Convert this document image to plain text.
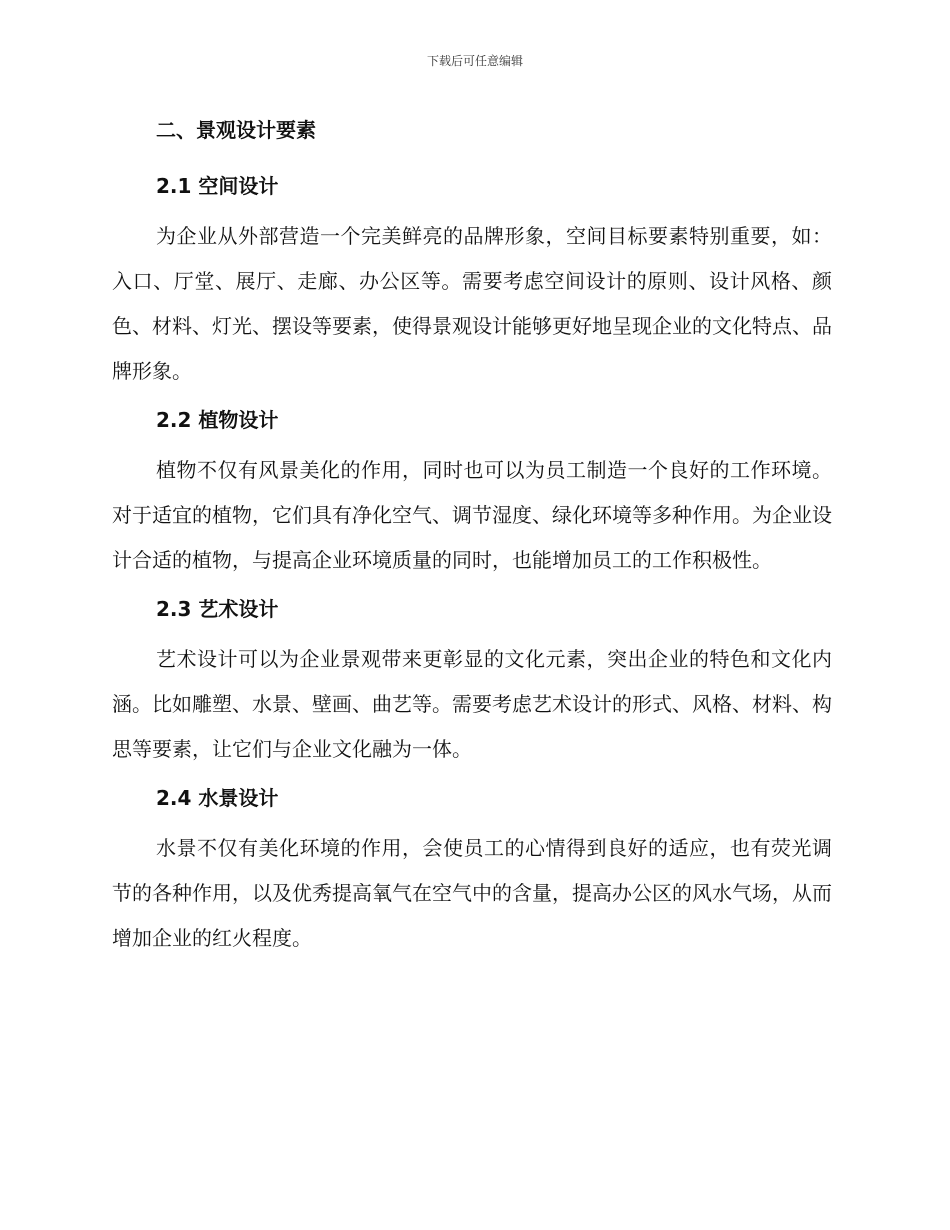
下载后可任意编辑
二、景观设计要素
2.1 空间设计

为企业从外部营造一个完美鲜亮的品牌形象，空间目标要素特别重要，如：入口、厅堂、展厅、走廊、办公区等。需要考虑空间设计的原则、设计风格、颜色、材料、灯光、摆设等要素，使得景观设计能够更好地呈现企业的文化特点、品牌形象。

2.2 植物设计

植物不仅有风景美化的作用，同时也可以为员工制造一个良好的工作环境。对于适宜的植物，它们具有净化空气、调节湿度、绿化环境等多种作用。为企业设计合适的植物，与提高企业环境质量的同时，也能增加员工的工作积极性。

2.3 艺术设计

艺术设计可以为企业景观带来更彰显的文化元素，突出企业的特色和文化内涵。比如雕塑、水景、壁画、曲艺等。需要考虑艺术设计的形式、风格、材料、构思等要素，让它们与企业文化融为一体。

2.4 水景设计

水景不仅有美化环境的作用，会使员工的心情得到良好的适应，也有荧光调节的各种作用，以及优秀提高氧气在空气中的含量，提高办公区的风水气场，从而增加企业的红火程度。
